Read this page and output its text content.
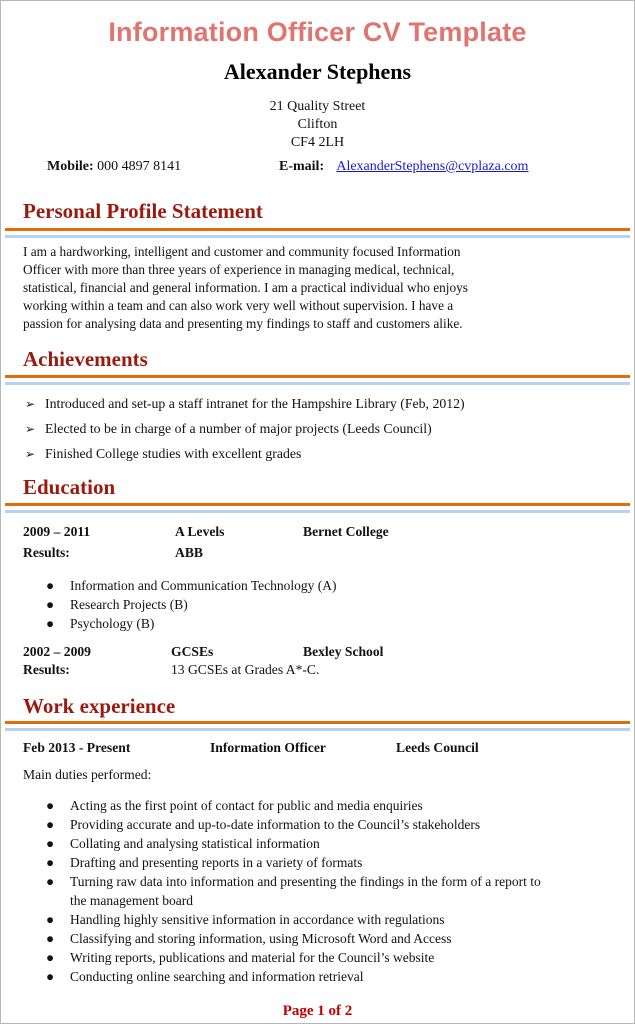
Information Officer CV Template
Alexander Stephens
21 Quality Street
Clifton
CF4 2LH
Mobile: 000 4897 8141	E-mail: AlexanderStephens@cvplaza.com
Personal Profile Statement
I am a hardworking, intelligent and customer and community focused Information
Officer with more than three years of experience in managing medical, technical,
statistical, financial and general information. I am a practical individual who enjoys
working within a team and can also work very well without supervision. I have a
passion for analysing data and presenting my findings to staff and customers alike.
Achievements
➢ Introduced and set-up a staff intranet for the Hampshire Library (Feb, 2012)
➢ Elected to be in charge of a number of major projects (Leeds Council)
➢ Finished College studies with excellent grades
Education
2009 – 2011	A Levels	Bernet College
Results:	ABB
● Information and Communication Technology (A)
● Research Projects (B)
● Psychology (B)
2002 – 2009	GCSEs	Bexley School
Results:	13 GCSEs at Grades A*-C.
Work experience
Feb 2013 - Present	Information Officer	Leeds Council
Main duties performed:
● Acting as the first point of contact for public and media enquiries
● Providing accurate and up-to-date information to the Council’s stakeholders
● Collating and analysing statistical information
● Drafting and presenting reports in a variety of formats
● Turning raw data into information and presenting the findings in the form of a report to the management board
● Handling highly sensitive information in accordance with regulations
● Classifying and storing information, using Microsoft Word and Access
● Writing reports, publications and material for the Council’s website
● Conducting online searching and information retrieval
Page 1 of 2
